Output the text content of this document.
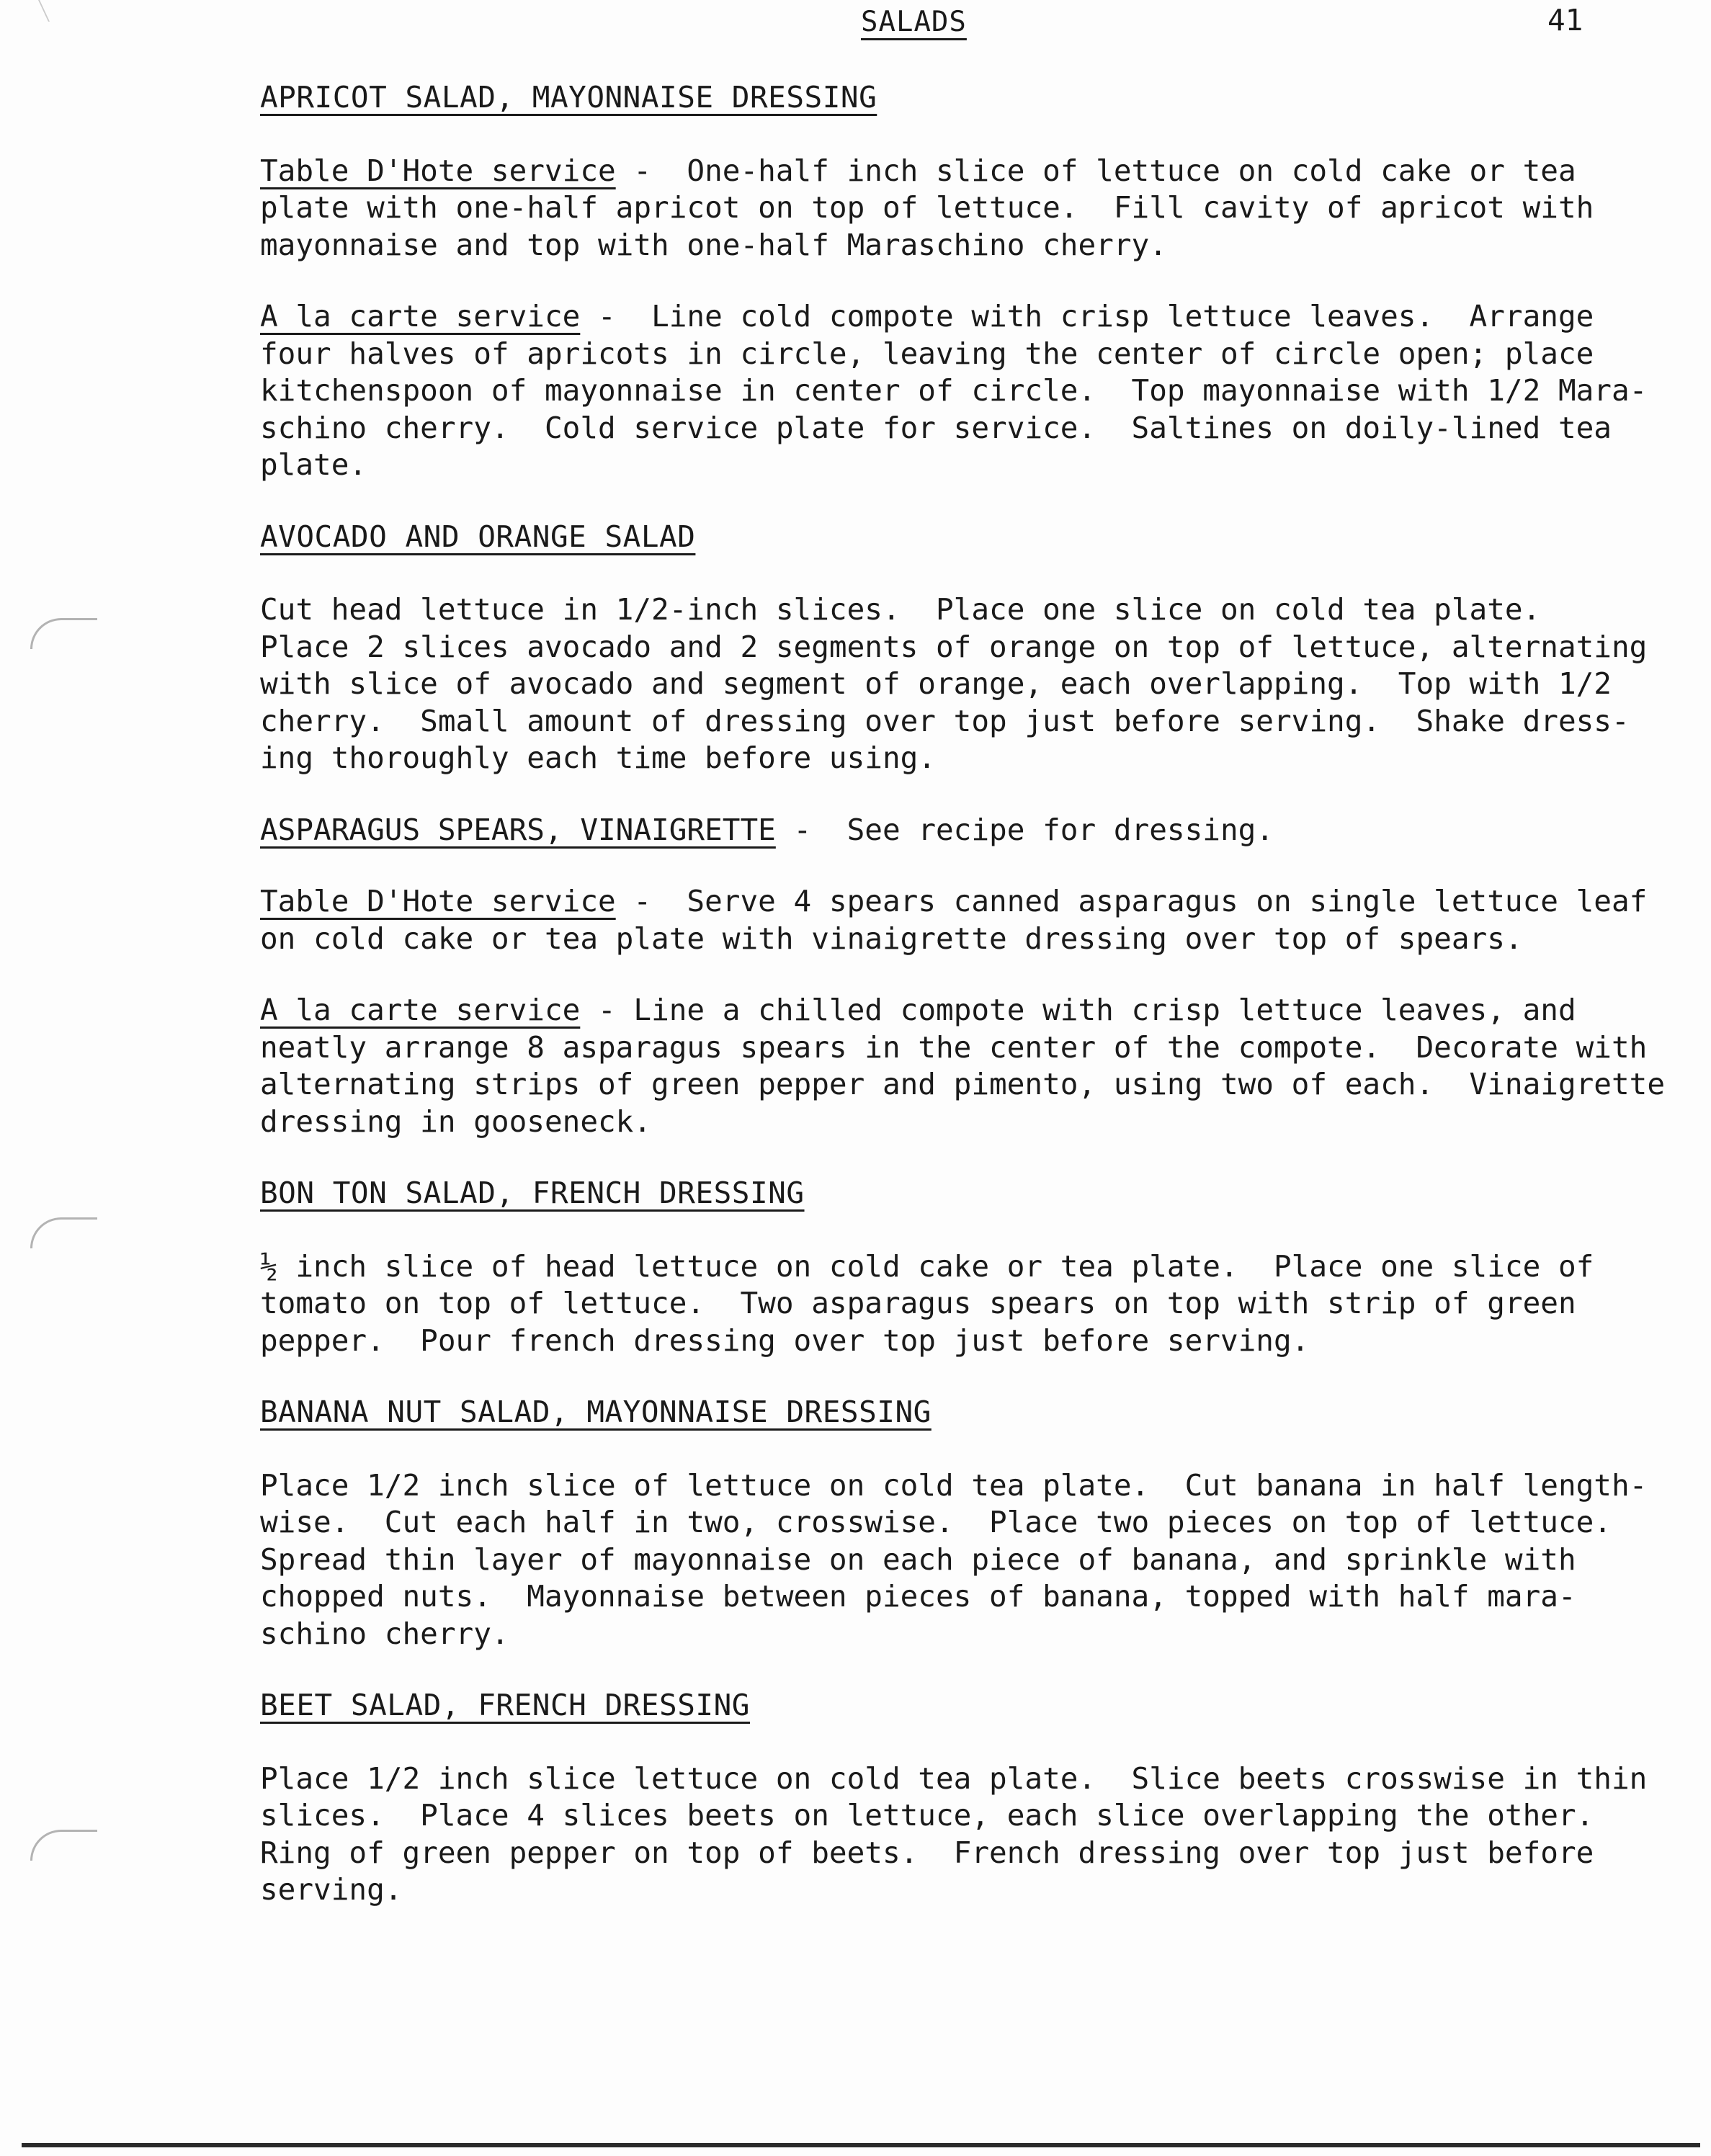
SALADS	41
APRICOT SALAD, MAYONNAISE DRESSING
Table D'Hote service -  One-half inch slice of lettuce on cold cake or tea
plate with one-half apricot on top of lettuce.  Fill cavity of apricot with
mayonnaise and top with one-half Maraschino cherry.
A la carte service -  Line cold compote with crisp lettuce leaves.  Arrange
four halves of apricots in circle, leaving the center of circle open; place
kitchenspoon of mayonnaise in center of circle.  Top mayonnaise with 1/2 Mara-
schino cherry.  Cold service plate for service.  Saltines on doily-lined tea
plate.
AVOCADO AND ORANGE SALAD
Cut head lettuce in 1/2-inch slices.  Place one slice on cold tea plate.
Place 2 slices avocado and 2 segments of orange on top of lettuce, alternating
with slice of avocado and segment of orange, each overlapping.  Top with 1/2
cherry.  Small amount of dressing over top just before serving.  Shake dress-
ing thoroughly each time before using.
ASPARAGUS SPEARS, VINAIGRETTE -  See recipe for dressing.
Table D'Hote service -  Serve 4 spears canned asparagus on single lettuce leaf
on cold cake or tea plate with vinaigrette dressing over top of spears.
A la carte service - Line a chilled compote with crisp lettuce leaves, and
neatly arrange 8 asparagus spears in the center of the compote.  Decorate with
alternating strips of green pepper and pimento, using two of each.  Vinaigrette
dressing in gooseneck.
BON TON SALAD, FRENCH DRESSING
½ inch slice of head lettuce on cold cake or tea plate.  Place one slice of
tomato on top of lettuce.  Two asparagus spears on top with strip of green
pepper.  Pour french dressing over top just before serving.
BANANA NUT SALAD, MAYONNAISE DRESSING
Place 1/2 inch slice of lettuce on cold tea plate.  Cut banana in half length-
wise.  Cut each half in two, crosswise.  Place two pieces on top of lettuce.
Spread thin layer of mayonnaise on each piece of banana, and sprinkle with
chopped nuts.  Mayonnaise between pieces of banana, topped with half mara-
schino cherry.
BEET SALAD, FRENCH DRESSING
Place 1/2 inch slice lettuce on cold tea plate.  Slice beets crosswise in thin
slices.  Place 4 slices beets on lettuce, each slice overlapping the other.
Ring of green pepper on top of beets.  French dressing over top just before
serving.
